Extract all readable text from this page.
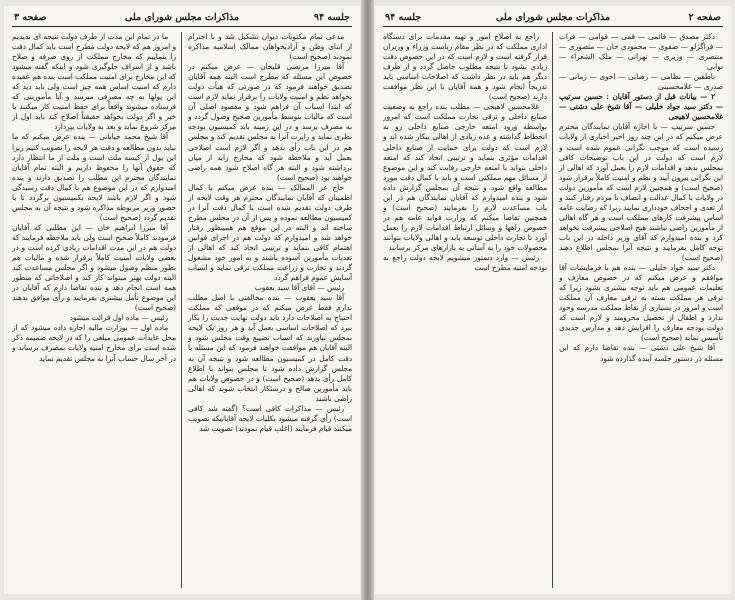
جلسه ۹۴
مذاکرات مجلس شورای ملی
صفحه ۳

مدعی تمام مکتوبات دیوان تشکیل شد و با احترام از ابنای وطن و آزادیخواهان ممالک اسلامیه مذاکره نمودند (صحیح است)

آقا میرزا مرتضی قلیخان — عرض میکنم در خصوص این مسئله که مطرح است البته همه آقایان تصدیق خواهند فرمود که در صورتی که هیأت دولت بخواهد نظم و امنیت ولایات را برقرار نماید لازم است که ابتدا اسباب آن فراهم شود و مقصود اصلی آن است که مالیات بتوسط مأمورین صحیح وصول گردد و به مصرف برسد و در این زمینه باید کمیسیون بودجه نظری نماید و راپرت آنرا به مجلس تقدیم کند و مجلس هم در این باب رأی بدهد و اگر لازم است اصلاحی بعمل آید و ملاحظه شود که مخارج زاید از میان برداشته شود و البته هر گاه اصلاح شود همه راضی خواهند بود (صحیح است)

حاج عز الممالک — بنده عرض میکنم با کمال اطمینان که آقایان نمایندگان محترم هر وقت لایحه از طرف دولت تقدیم شده است با کمال دقت آنرا در کمیسیون مطالعه نموده و پس از آن در مجلس مطرح ساخته اند و البته در این موقع هم همینطور رفتار خواهد شد و امیدوارم که دولت هم در اجرای قوانین اهتمام کافی بنماید و ترتیبی اتخاذ کند که اهالی از تعدیات مأمورین آسوده باشند و به امور خود مشغول گردند و تجارت و زراعت مملکت ترقی نماید و اسباب آسایش عموم فراهم گردد

رئیس — آقای آقا سید یعقوب

آقا سید یعقوب — بنده مخالفتی با اصل مطلب ندارم فقط عرض میکنم که در موقعی که مملکت احتیاج به اصلاحات دارد باید دولت نهایت جدیت را بکار ببرد که اصلاحات اساسی بعمل آید و هر روز یک لایحه بمجلس نیاورند که اسباب تضییع وقت مجلس شود و البته آقایان هم موافقت خواهند فرمود که این مسئله با دقت کامل در کمیسیون مطالعه شود و نتیجه آن به مجلس گزارش داده شود تا مجلس بتواند با اطلاع کامل رأی بدهد (صحیح است) و در خصوص ولایات هم باید مأمورین صالح و درستکار انتخاب شوند که اهالی راضی باشند

رئیس — مذاکرات کافی است؟ (گفته شد کافی است) رأی گرفته میشود بکلیات لایحه آقایانیکه تصویب میکنند قیام فرمایند (اغلب قیام نمودند) تصویب شد

ما در تمام این مدت از طرف دولت نتیجه ای ندیدیم و امروز هم که لایحه دولت مطرح است باید کمال دقت را بنماییم که مخارج مملکت از روی صرفه و صلاح باشد و از اسراف جلوگیری شود و اینکه گفته میشود که این مخارج برای امنیت مملکت است بنده هم عقیده دارم که امنیت اساس همه چیز است ولی باید دید که این پولها به چه مصرفی میرسد و آیا مأمورینی که فرستاده میشوند واقعاً برای حفظ امنیت کار میکنند یا خیر و اگر دولت بخواهد حقیقتاً اصلاح کند باید اول از مرکز شروع نماید و بعد به ولایات بپردازد

آقا شیخ محمد خیابانی — بنده عرض میکنم که ما نباید بدون مطالعه و دقت هر لایحه را تصویب کنیم زیرا این پول از کیسه ملت است و ملت از ما انتظار دارد که حقوق آنها را محفوظ داریم و البته تمام آقایان نمایندگان محترم این مطلب را تصدیق دارند و بنده امیدوارم که در این موضوع هم با کمال دقت رسیدگی شود و اگر لازم باشد لایحه بکمیسیون برگردد تا با حضور وزیر مربوطه مذاکره شود و نتیجه آن به مجلس تقدیم گردد (صحیح است)

آقا میرزا ابراهیم خان — این مطلبی که آقایان فرمودند کاملاً صحیح است ولی باید ملاحظه فرمایند که دولت هم در این مدت اقدامات زیادی کرده است و در بعضی ولایات امنیت کاملاً برقرار شده و مالیات هم بطور منظم وصول میشود و اگر مجلس مساعدت کند البته دولت بهتر میتواند کار کند و اصلاحاتی که منظور همه است انجام دهد و بنده تقاضا دارم که آقایان در این موضوع تأمل بیشتری بفرمایند و رأی موافق بدهند (صحیح است)

رئیس — ماده اول قرائت میشود

ماده اول — بوزارت مالیه اجازه داده میشود که از محل عایدات عمومی مبلغی را که در لایحه ضمیمه ذکر شده است برای مخارج امنیه ولایات بمصرف برساند و در آخر سال حساب آنرا به مجلس تقدیم نماید

صفحه ۲
مذاکرات مجلس شورای ملی
جلسه ۹۴

دکتر مصدق — قائمی — قمی — قوامی — فرات — فراگزلو — صفوی — محمودی خان — منصوری — منتصری — وزیری — تهرانی — ملک الشعراء — نوابی

ناطقین — نظامی — رضایی — اخوی — زمانی — صدری — غلامحسینی

۲ — بیانات قبل از دستور آقایان : حسین سرتیپ — دکتر سید جواد خلیلی — آقا شیخ علی دشتی — غلامحسین لاهیجی

حسین سرتیپ — با اجازه آقایان نمایندگان محترم عرض میکنم که در این چند روز اخیر اخباری از ولایات رسیده است که موجب نگرانی عموم شده است و لازم است که دولت در این باب توضیحات کافی بمجلس بدهد و اقدامات لازم را بعمل آورد که اهالی از این نگرانی بیرون آیند و نظم و امنیت کاملاً برقرار شود (صحیح است) و همچنین لازم است که مأمورین دولت در ولایات با کمال عدالت و انصاف با مردم رفتار کنند و از تعدی و اجحاف خودداری نمایند زیرا که رضایت عامه اساس پیشرفت کارهای مملکت است و هر گاه اهالی از مأمورین راضی نباشند هیچ اصلاحی پیشرفت نخواهد کرد و بنده امیدوارم که آقای وزیر داخله در این باب توجه کامل بفرمایند و نتیجه آنرا بمجلس اطلاع دهند (صحیح است)

دکتر سید جواد خلیلی — بنده هم با فرمایشات آقا موافقم و عرض میکنم که در خصوص معارف و تعلیمات عمومی هم باید توجه بیشتری بشود زیرا که ترقی هر مملکت بسته به ترقی معارف آن مملکت است و امروز در بسیاری از نقاط مملکت مدرسه وجود ندارد و اطفال از تحصیل محرومند و لازم است که دولت بودجه معارف را افزایش دهد و مدارس جدیدی تأسیس نماید (صحیح است)

آقا شیخ علی دشتی — بنده تقاضا دارم که این مسئله در دستور جلسه آینده گذارده شود

راجع به اصلاح امور و تهیه مقدمات برای دستگاه اداری مملکت که در نظر مقام ریاست وزراء و وزیران قرار گرفته است و لازم است که در این خصوص دقت زیادی بشود تا نتیجه مطلوب حاصل گردد و از طرف دیگر هم باید در نظر داشت که اصلاحات اساسی باید تدریجاً انجام شود و همه آقایان با این نظر موافقت دارند (صحیح است)

غلامحسین لاهیجی — مطلب بنده راجع به وضعیت صنایع داخلی و ترقی تجارت مملکت است که امروز بواسطه ورود امتعه خارجی صنایع داخلی رو به انحطاط گذاشته و عده زیادی از اهالی بیکار شده اند و لازم است که دولت برای حمایت از صنایع داخلی اقدامات مؤثری بنماید و ترتیبی اتخاذ کند که امتعه داخلی بتواند با امتعه خارجی رقابت کند و این موضوع از مسائل مهم مملکتی است و باید با کمال دقت مورد مطالعه واقع شود و نتیجه آن بمجلس گزارش داده شود و بنده امیدوارم که آقایان نمایندگان هم در این باب مساعدت لازم را بفرمایند (صحیح است) و همچنین تقاضا میکنم که وزارت فواید عامه هم در خصوص راهها و وسائل ارتباط اقدامات لازم را بعمل آورد تا تجارت داخلی توسعه یابد و اهالی ولایات بتوانند محصولات خود را به آسانی به بازارهای مرکز برسانند

رئیس — وارد دستور میشویم لایحه دولت راجع به بودجه امنیه مطرح است
